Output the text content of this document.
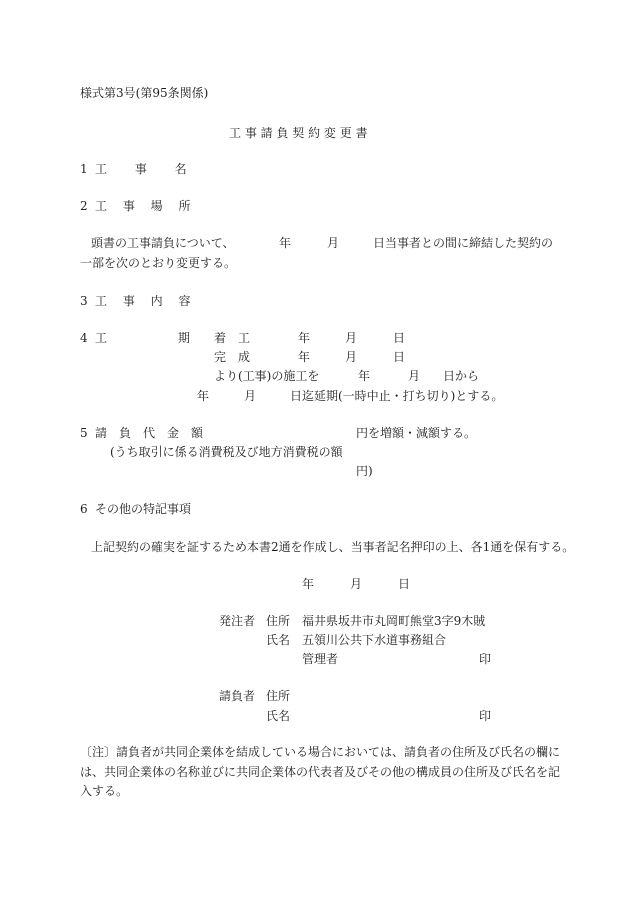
様式第3号(第95条関係)
工 事 請 負 契 約 変 更 書
1 工　　 事　　 名
2 工　 事　 場　 所
頭書の工事請負について、	年	月	日当事者との間に締結した契約の
一部を次のとおり変更する。
3 工　 事　 内　 容
4 工	期 着　工	年	月	日
完　成	年	月	日
より(工事)の施工を	年	月 日から
年	月	日迄延期(一時中止・打ち切り)とする。
5 請　負　代　金　額	円を増額・減額する。
(うち取引に係る消費税及び地方消費税の額
円)
6 その他の特記事項
上記契約の確実を証するため本書2通を作成し、当事者記名押印の上、各1通を保有する。
年	月	日
発注者 住所 福井県坂井市丸岡町熊堂3字9木賊
氏名 五領川公共下水道事務組合
管理者	印
請負者 住所
氏名	印
〔注〕請負者が共同企業体を結成している場合においては、請負者の住所及び氏名の欄に
は、共同企業体の名称並びに共同企業体の代表者及びその他の構成員の住所及び氏名を記
入する。
